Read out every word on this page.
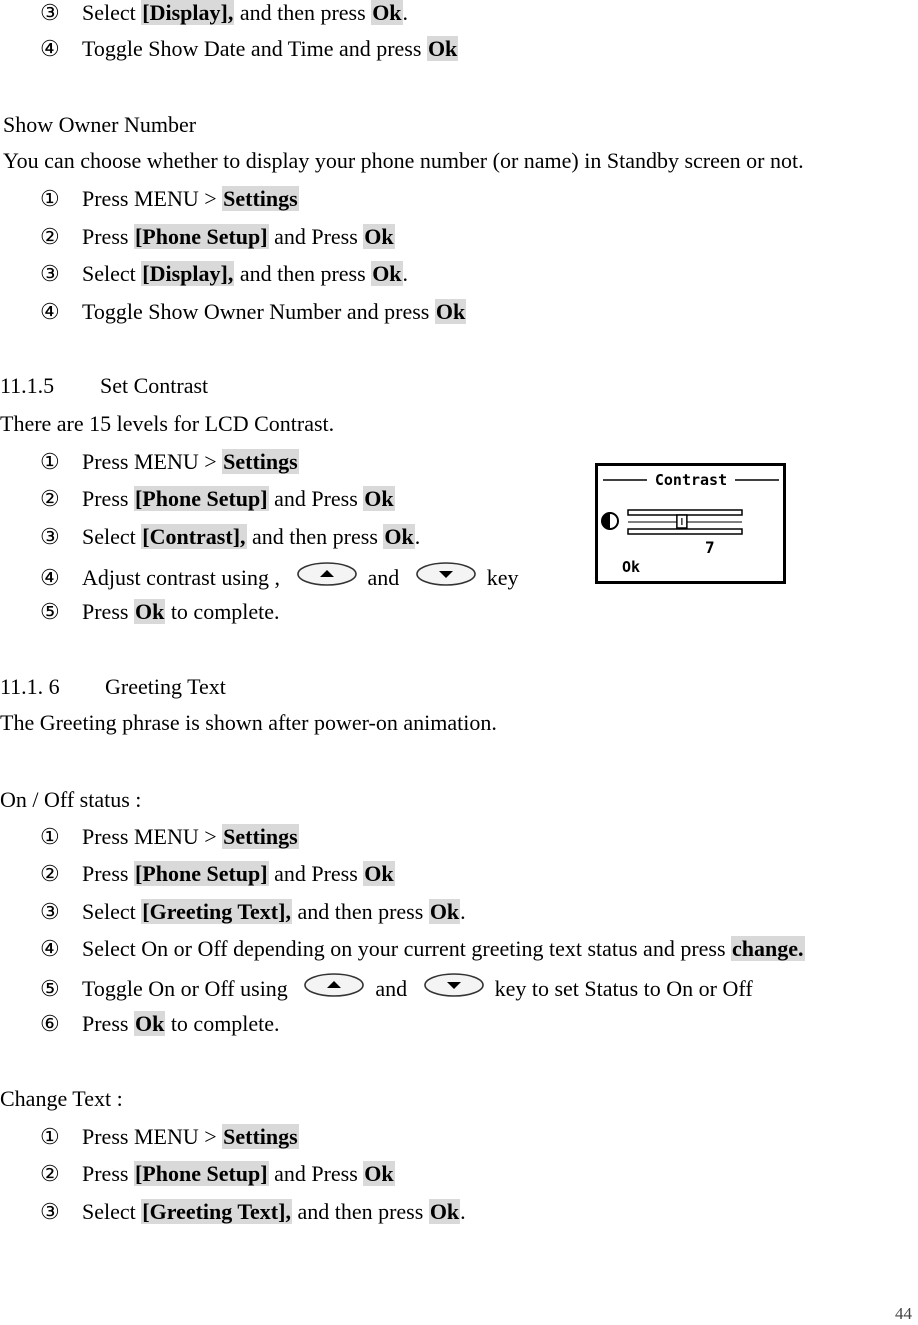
③ Select [Display], and then press Ok.
④ Toggle Show Date and Time and press Ok
Show Owner Number
You can choose whether to display your phone number (or name) in Standby screen or not.
① Press MENU > Settings
② Press [Phone Setup] and Press Ok
③ Select [Display], and then press Ok.
④ Toggle Show Owner Number and press Ok
11.1.5 Set Contrast
There are 15 levels for LCD Contrast.
① Press MENU > Settings
② Press [Phone Setup] and Press Ok
③ Select [Contrast], and then press Ok.
④ Adjust contrast using ,	and	key
⑤ Press Ok to complete.
Contrast
7
Ok
11.1. 6 Greeting Text
The Greeting phrase is shown after power-on animation.
On / Off status :
① Press MENU > Settings
② Press [Phone Setup] and Press Ok
③ Select [Greeting Text], and then press Ok.
④ Select On or Off depending on your current greeting text status and press change.
⑤ Toggle On or Off using	and	key to set Status to On or Off
⑥ Press Ok to complete.
Change Text :
① Press MENU > Settings
② Press [Phone Setup] and Press Ok
③ Select [Greeting Text], and then press Ok.
44
